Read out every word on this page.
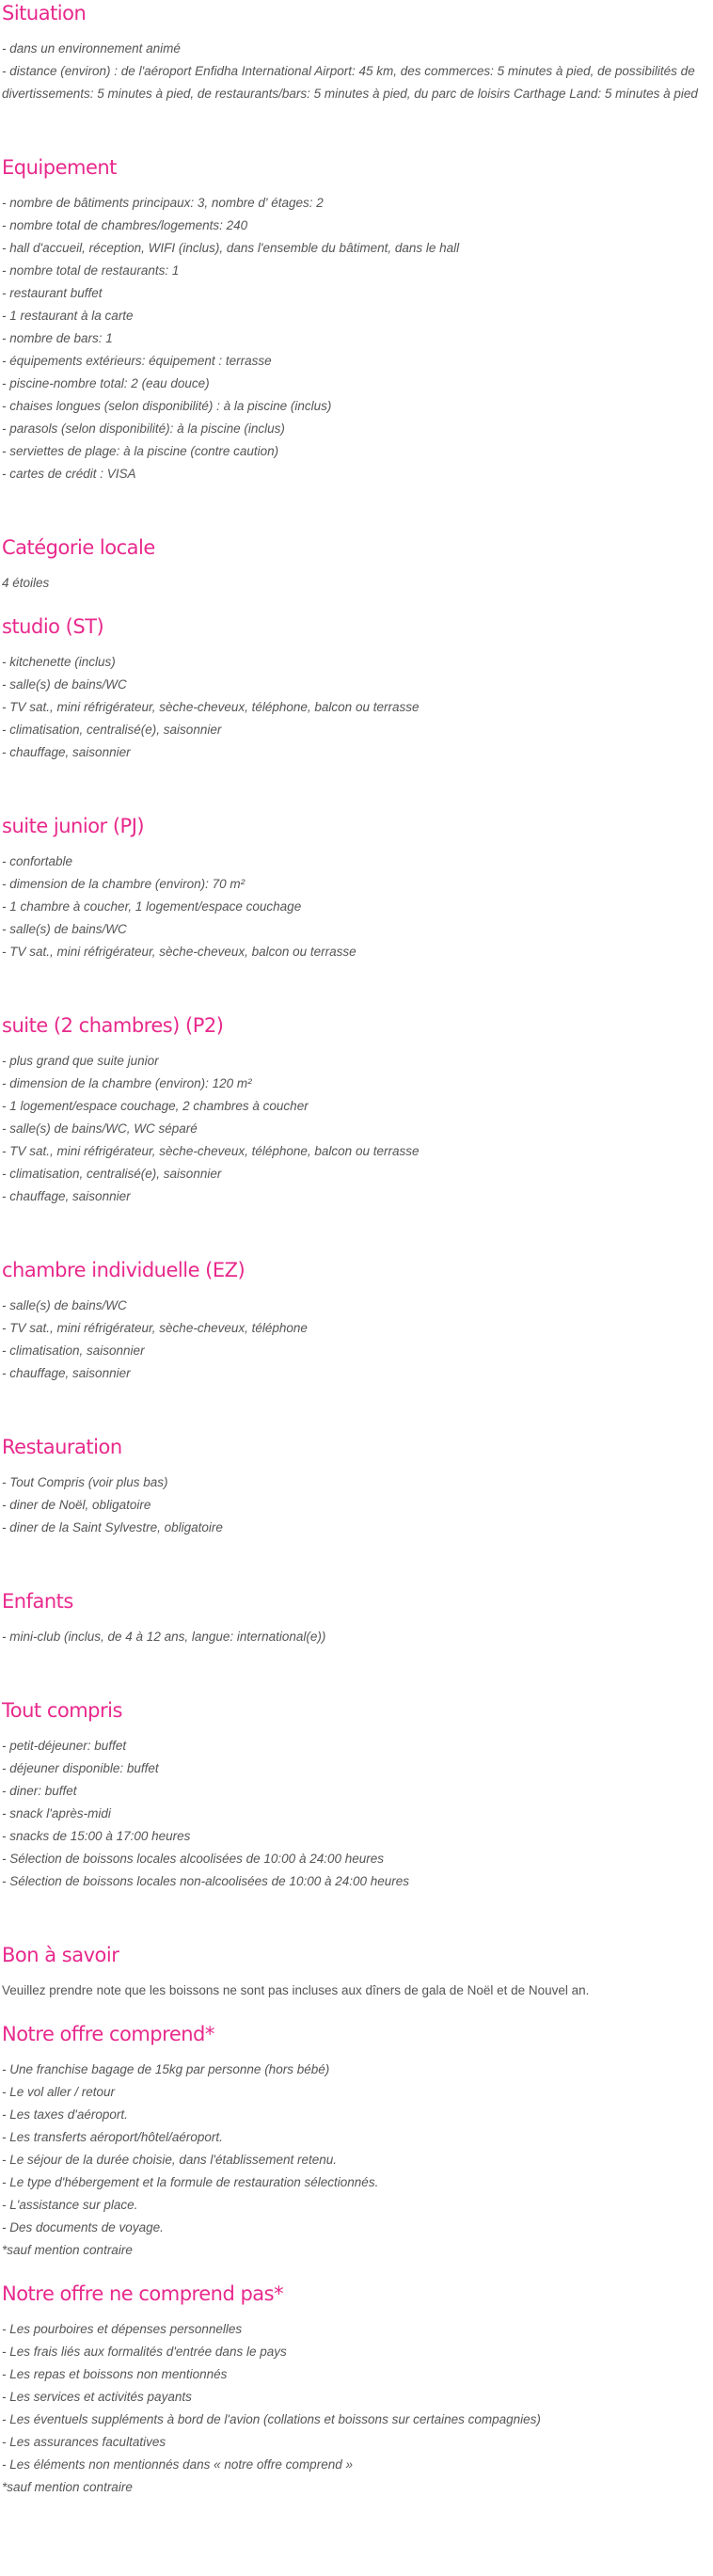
Situation
- dans un environnement animé
- distance (environ) : de l'aéroport Enfidha International Airport: 45 km, des commerces: 5 minutes à pied, de possibilités de divertissements: 5 minutes à pied, de restaurants/bars: 5 minutes à pied, du parc de loisirs Carthage Land: 5 minutes à pied
Equipement
- nombre de bâtiments principaux: 3, nombre d' étages: 2
- nombre total de chambres/logements: 240
- hall d'accueil, réception, WIFI (inclus), dans l'ensemble du bâtiment, dans le hall
- nombre total de restaurants: 1
- restaurant buffet
- 1 restaurant à la carte
- nombre de bars: 1
- équipements extérieurs: équipement : terrasse
- piscine-nombre total: 2 (eau douce)
- chaises longues (selon disponibilité) : à la piscine (inclus)
- parasols (selon disponibilité): à la piscine (inclus)
- serviettes de plage: à la piscine (contre caution)
- cartes de crédit : VISA
Catégorie locale
4 étoiles
studio (ST)
- kitchenette (inclus)
- salle(s) de bains/WC
- TV sat., mini réfrigérateur, sèche-cheveux, téléphone, balcon ou terrasse
- climatisation, centralisé(e), saisonnier
- chauffage, saisonnier
suite junior (PJ)
- confortable
- dimension de la chambre (environ): 70 m²
- 1 chambre à coucher, 1 logement/espace couchage
- salle(s) de bains/WC
- TV sat., mini réfrigérateur, sèche-cheveux, balcon ou terrasse
suite (2 chambres) (P2)
- plus grand que suite junior
- dimension de la chambre (environ): 120 m²
- 1 logement/espace couchage, 2 chambres à coucher
- salle(s) de bains/WC, WC séparé
- TV sat., mini réfrigérateur, sèche-cheveux, téléphone, balcon ou terrasse
- climatisation, centralisé(e), saisonnier
- chauffage, saisonnier
chambre individuelle (EZ)
- salle(s) de bains/WC
- TV sat., mini réfrigérateur, sèche-cheveux, téléphone
- climatisation, saisonnier
- chauffage, saisonnier
Restauration
- Tout Compris (voir plus bas)
- diner de Noël, obligatoire
- diner de la Saint Sylvestre, obligatoire
Enfants
- mini-club (inclus, de 4 à 12 ans, langue: international(e))
Tout compris
- petit-déjeuner: buffet
- déjeuner disponible: buffet
- diner: buffet
- snack l'après-midi
- snacks de 15:00 à 17:00 heures
- Sélection de boissons locales alcoolisées de 10:00 à 24:00 heures
- Sélection de boissons locales non-alcoolisées de 10:00 à 24:00 heures
Bon à savoir
Veuillez prendre note que les boissons ne sont pas incluses aux dîners de gala de Noël et de Nouvel an.
Notre offre comprend*
- Une franchise bagage de 15kg par personne (hors bébé)
- Le vol aller / retour
- Les taxes d'aéroport.
- Les transferts aéroport/hôtel/aéroport.
- Le séjour de la durée choisie, dans l'établissement retenu.
- Le type d'hébergement et la formule de restauration sélectionnés.
- L'assistance sur place.
- Des documents de voyage.
*sauf mention contraire
Notre offre ne comprend pas*
- Les pourboires et dépenses personnelles
- Les frais liés aux formalités d'entrée dans le pays
- Les repas et boissons non mentionnés
- Les services et activités payants
- Les éventuels suppléments à bord de l'avion (collations et boissons sur certaines compagnies)
- Les assurances facultatives
- Les éléments non mentionnés dans « notre offre comprend »
*sauf mention contraire
